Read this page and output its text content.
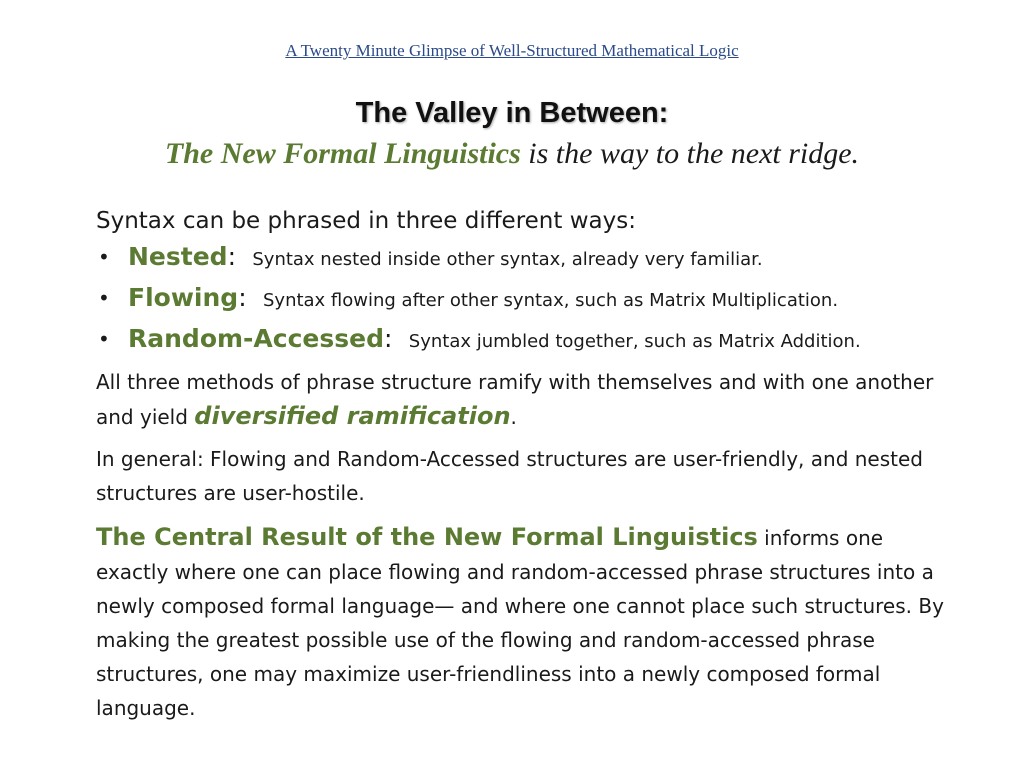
A Twenty Minute Glimpse of Well-Structured Mathematical Logic
The Valley in Between:
The New Formal Linguistics is the way to the next ridge.

Syntax can be phrased in three different ways:

• Nested: Syntax nested inside other syntax, already very familiar.
• Flowing: Syntax flowing after other syntax, such as Matrix Multiplication.
• Random-Accessed: Syntax jumbled together, such as Matrix Addition.

All three methods of phrase structure ramify with themselves and with one another and yield diversified ramification.

In general: Flowing and Random-Accessed structures are user-friendly, and nested structures are user-hostile.

The Central Result of the New Formal Linguistics informs one exactly where one can place flowing and random-accessed phrase structures into a newly composed formal language— and where one cannot place such structures. By making the greatest possible use of the flowing and random-accessed phrase structures, one may maximize user-friendliness into a newly composed formal language.
